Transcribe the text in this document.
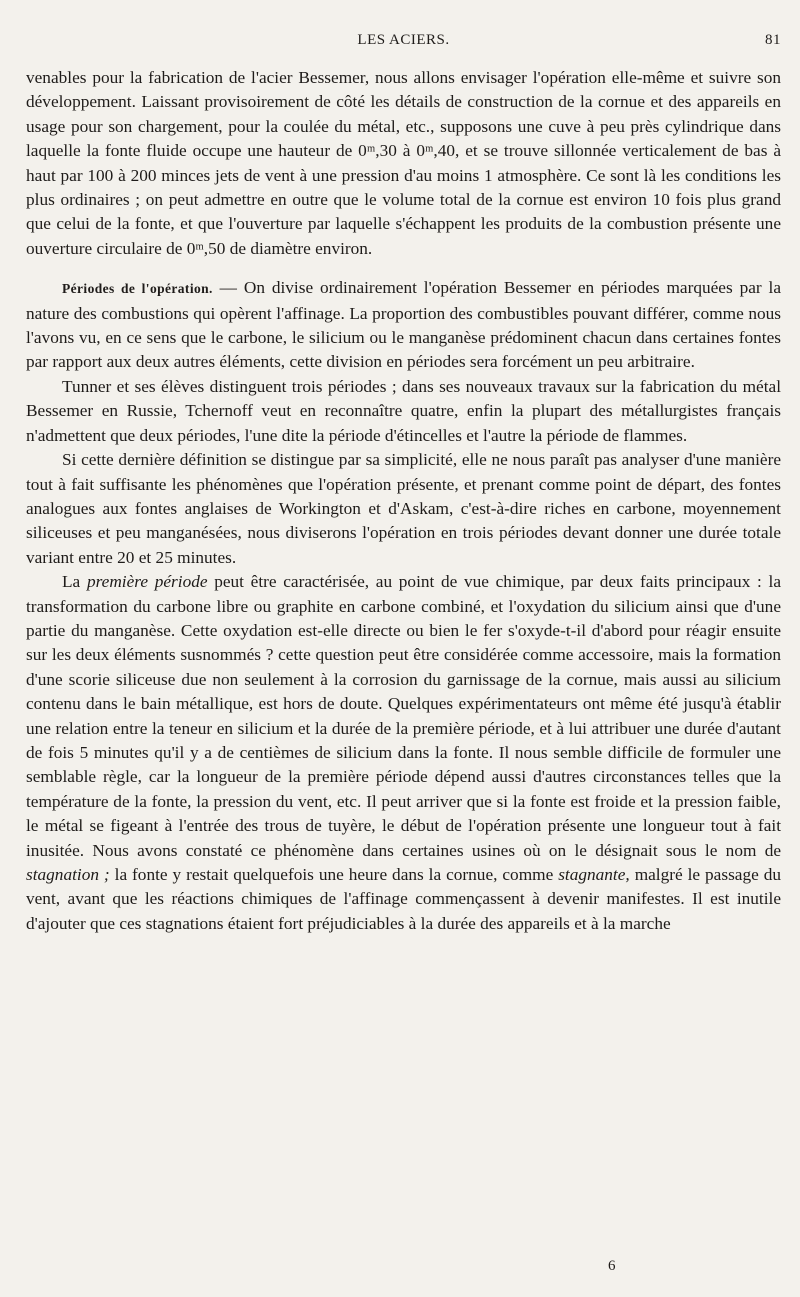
LES ACIERS.	81

venables pour la fabrication de l'acier Bessemer, nous allons envisager l'opération elle-même et suivre son développement. Laissant provisoirement de côté les détails de construction de la cornue et des appareils en usage pour son chargement, pour la coulée du métal, etc., supposons une cuve à peu près cylindrique dans laquelle la fonte fluide occupe une hauteur de 0ᵐ,30 à 0ᵐ,40, et se trouve sillonnée verticalement de bas à haut par 100 à 200 minces jets de vent à une pression d'au moins 1 atmosphère. Ce sont là les conditions les plus ordinaires ; on peut admettre en outre que le volume total de la cornue est environ 10 fois plus grand que celui de la fonte, et que l'ouverture par laquelle s'échappent les produits de la combustion présente une ouverture circulaire de 0ᵐ,50 de diamètre environ.

Périodes de l'opération. — On divise ordinairement l'opération Bessemer en périodes marquées par la nature des combustions qui opèrent l'affinage. La proportion des combustibles pouvant différer, comme nous l'avons vu, en ce sens que le carbone, le silicium ou le manganèse prédominent chacun dans certaines fontes par rapport aux deux autres éléments, cette division en périodes sera forcément un peu arbitraire.

Tunner et ses élèves distinguent trois périodes ; dans ses nouveaux travaux sur la fabrication du métal Bessemer en Russie, Tchernoff veut en reconnaître quatre, enfin la plupart des métallurgistes français n'admettent que deux périodes, l'une dite la période d'étincelles et l'autre la période de flammes.

Si cette dernière définition se distingue par sa simplicité, elle ne nous paraît pas analyser d'une manière tout à fait suffisante les phénomènes que l'opération présente, et prenant comme point de départ, des fontes analogues aux fontes anglaises de Workington et d'Askam, c'est-à-dire riches en carbone, moyennement siliceuses et peu manganésées, nous diviserons l'opération en trois périodes devant donner une durée totale variant entre 20 et 25 minutes.

La première période peut être caractérisée, au point de vue chimique, par deux faits principaux : la transformation du carbone libre ou graphite en carbone combiné, et l'oxydation du silicium ainsi que d'une partie du manganèse. Cette oxydation est-elle directe ou bien le fer s'oxyde-t-il d'abord pour réagir ensuite sur les deux éléments susnommés ? cette question peut être considérée comme accessoire, mais la formation d'une scorie siliceuse due non seulement à la corrosion du garnissage de la cornue, mais aussi au silicium contenu dans le bain métallique, est hors de doute. Quelques expérimentateurs ont même été jusqu'à établir une relation entre la teneur en silicium et la durée de la première période, et à lui attribuer une durée d'autant de fois 5 minutes qu'il y a de centièmes de silicium dans la fonte. Il nous semble difficile de formuler une semblable règle, car la longueur de la première période dépend aussi d'autres circonstances telles que la température de la fonte, la pression du vent, etc. Il peut arriver que si la fonte est froide et la pression faible, le métal se figeant à l'entrée des trous de tuyère, le début de l'opération présente une longueur tout à fait inusitée. Nous avons constaté ce phénomène dans certaines usines où on le désignait sous le nom de stagnation ; la fonte y restait quelquefois une heure dans la cornue, comme stagnante, malgré le passage du vent, avant que les réactions chimiques de l'affinage commençassent à devenir manifestes. Il est inutile d'ajouter que ces stagnations étaient fort préjudiciables à la durée des appareils et à la marche

6
